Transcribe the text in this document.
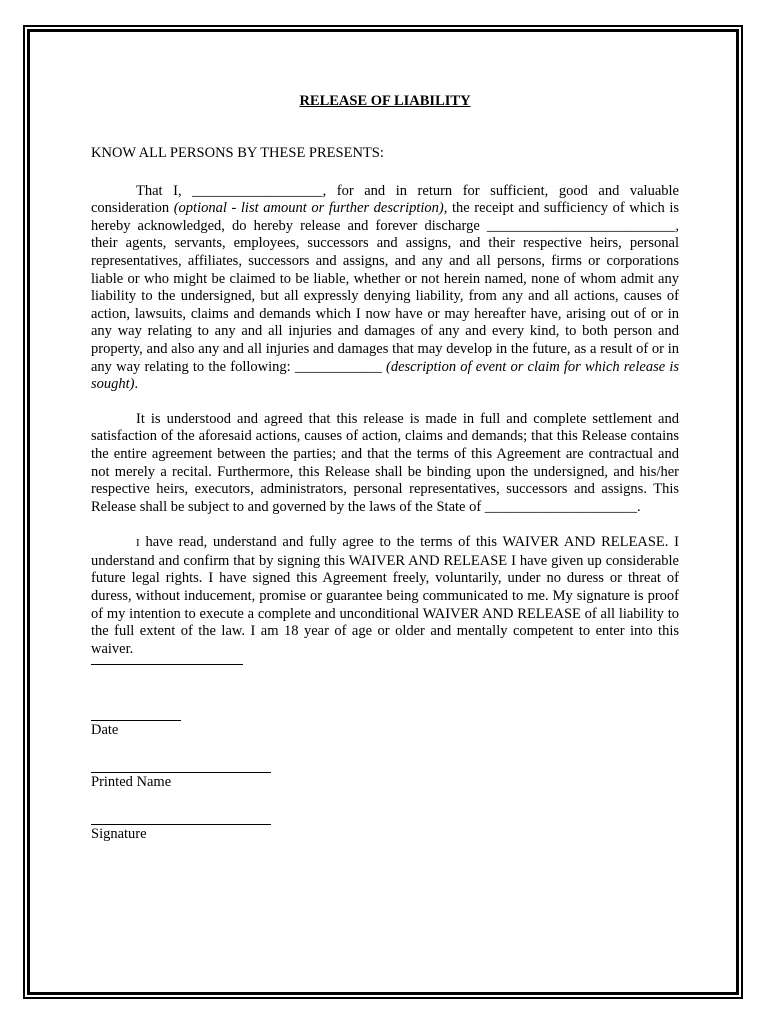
RELEASE OF LIABILITY

KNOW ALL PERSONS BY THESE PRESENTS:

That I, __________________, for and in return for sufficient, good and valuable consideration (optional - list amount or further description), the receipt and sufficiency of which is hereby acknowledged, do hereby release and forever discharge __________________________, their agents, servants, employees, successors and assigns, and their respective heirs, personal representatives, affiliates, successors and assigns, and any and all persons, firms or corporations liable or who might be claimed to be liable, whether or not herein named, none of whom admit any liability to the undersigned, but all expressly denying liability, from any and all actions, causes of action, lawsuits, claims and demands which I now have or may hereafter have, arising out of or in any way relating to any and all injuries and damages of any and every kind, to both person and property, and also any and all injuries and damages that may develop in the future, as a result of or in any way relating to the following: ____________ (description of event or claim for which release is sought).

It is understood and agreed that this release is made in full and complete settlement and satisfaction of the aforesaid actions, causes of action, claims and demands; that this Release contains the entire agreement between the parties; and that the terms of this Agreement are contractual and not merely a recital. Furthermore, this Release shall be binding upon the undersigned, and his/her respective heirs, executors, administrators, personal representatives, successors and assigns. This Release shall be subject to and governed by the laws of the State of _____________________.

I have read, understand and fully agree to the terms of this WAIVER AND RELEASE. I understand and confirm that by signing this WAIVER AND RELEASE I have given up considerable future legal rights. I have signed this Agreement freely, voluntarily, under no duress or threat of duress, without inducement, promise or guarantee being communicated to me. My signature is proof of my intention to execute a complete and unconditional WAIVER AND RELEASE of all liability to the full extent of the law. I am 18 year of age or older and mentally competent to enter into this waiver.

Date
Printed Name
Signature
